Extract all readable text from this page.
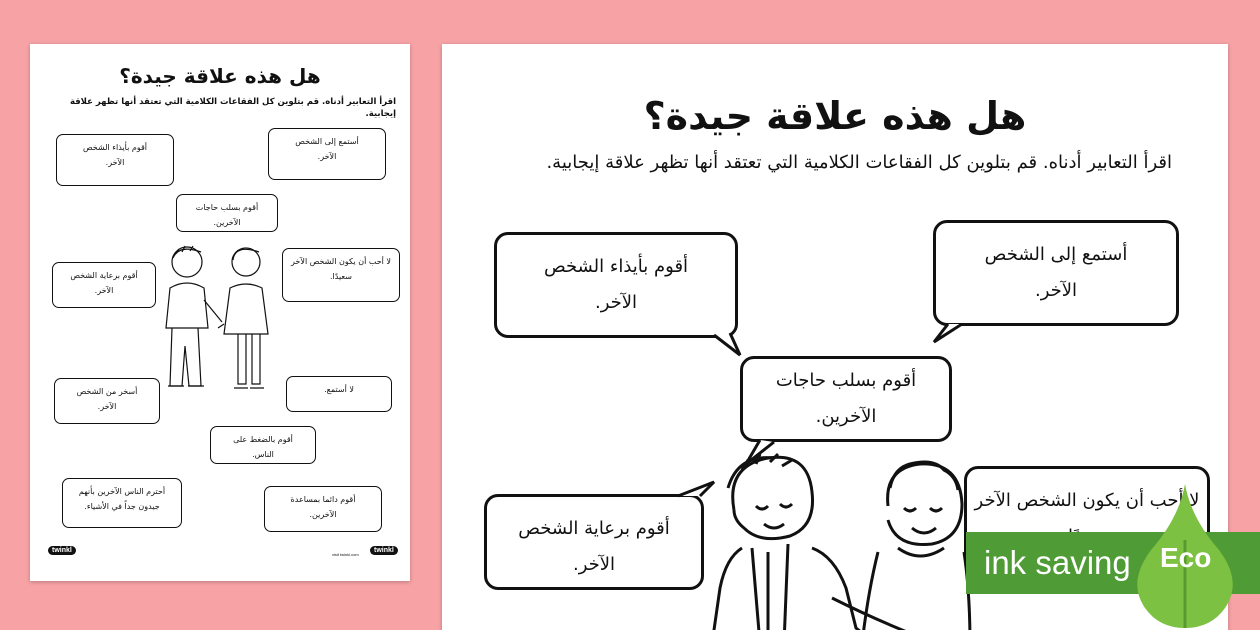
هل هذه علاقة جيدة؟
اقرأ التعابير أدناه. قم بتلوين كل الفقاعات الكلامية التي تعتقد أنها تظهر علاقة إيجابية.
أقوم بأيذاء الشخص
الآخر.
أستمع إلى الشخص
الآخر.
أقوم بسلب حاجات
الآخرين.
أقوم برعاية الشخص
الآخر.
لا أحب أن يكون الشخص الآخر
سعيدًا.
أسخر من الشخص
الآخر.
لا أستمع.
أقوم بالضغط على
الناس.
أحترم الناس الآخرين بأنهم
جيدون جداً في الأشياء.
أقوم دائما بمساعدة
الآخرين.
twinkl
visit twinkl.com
twinkl
هل هذه علاقة جيدة؟
اقرأ التعابير أدناه. قم بتلوين كل الفقاعات الكلامية التي تعتقد أنها تظهر علاقة إيجابية.
أقوم بأيذاء الشخص
الآخر.
أستمع إلى الشخص
الآخر.
أقوم بسلب حاجات
الآخرين.
أقوم برعاية الشخص
الآخر.
لا أحب أن يكون الشخص الآخر
ink saving Eco
